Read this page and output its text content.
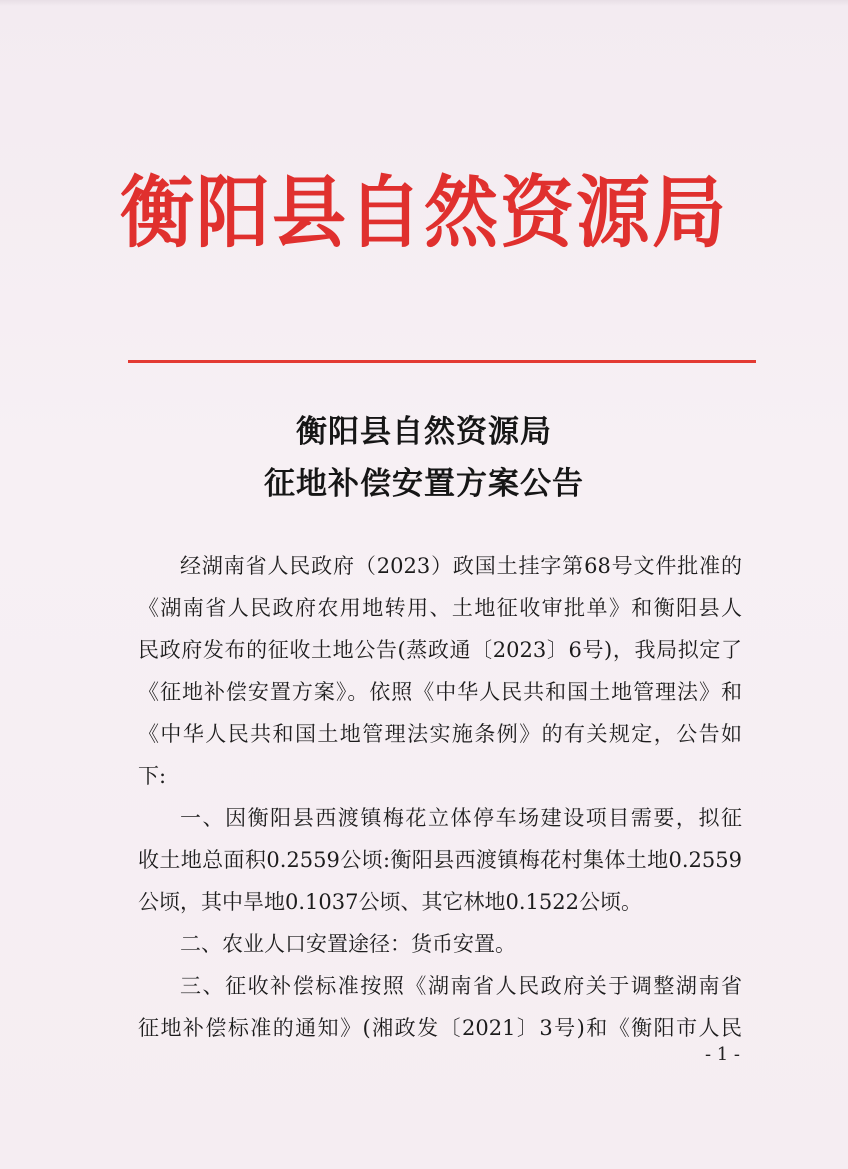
衡阳县自然资源局
衡阳县自然资源局
征地补偿安置方案公告
经湖南省人民政府（2023）政国土挂字第68号文件批准的
《湖南省人民政府农用地转用、土地征收审批单》和衡阳县人
民政府发布的征收土地公告(蒸政通〔2023〕6号)，我局拟定了
《征地补偿安置方案》。依照《中华人民共和国土地管理法》和
《中华人民共和国土地管理法实施条例》的有关规定，公告如
下:
一、因衡阳县西渡镇梅花立体停车场建设项目需要，拟征
收土地总面积0.2559公顷:衡阳县西渡镇梅花村集体土地0.2559
公顷，其中旱地0.1037公顷、其它林地0.1522公顷。
二、农业人口安置途径：货币安置。
三、征收补偿标准按照《湖南省人民政府关于调整湖南省
征地补偿标准的通知》(湘政发〔2021〕3号)和《衡阳市人民
- 1 -
